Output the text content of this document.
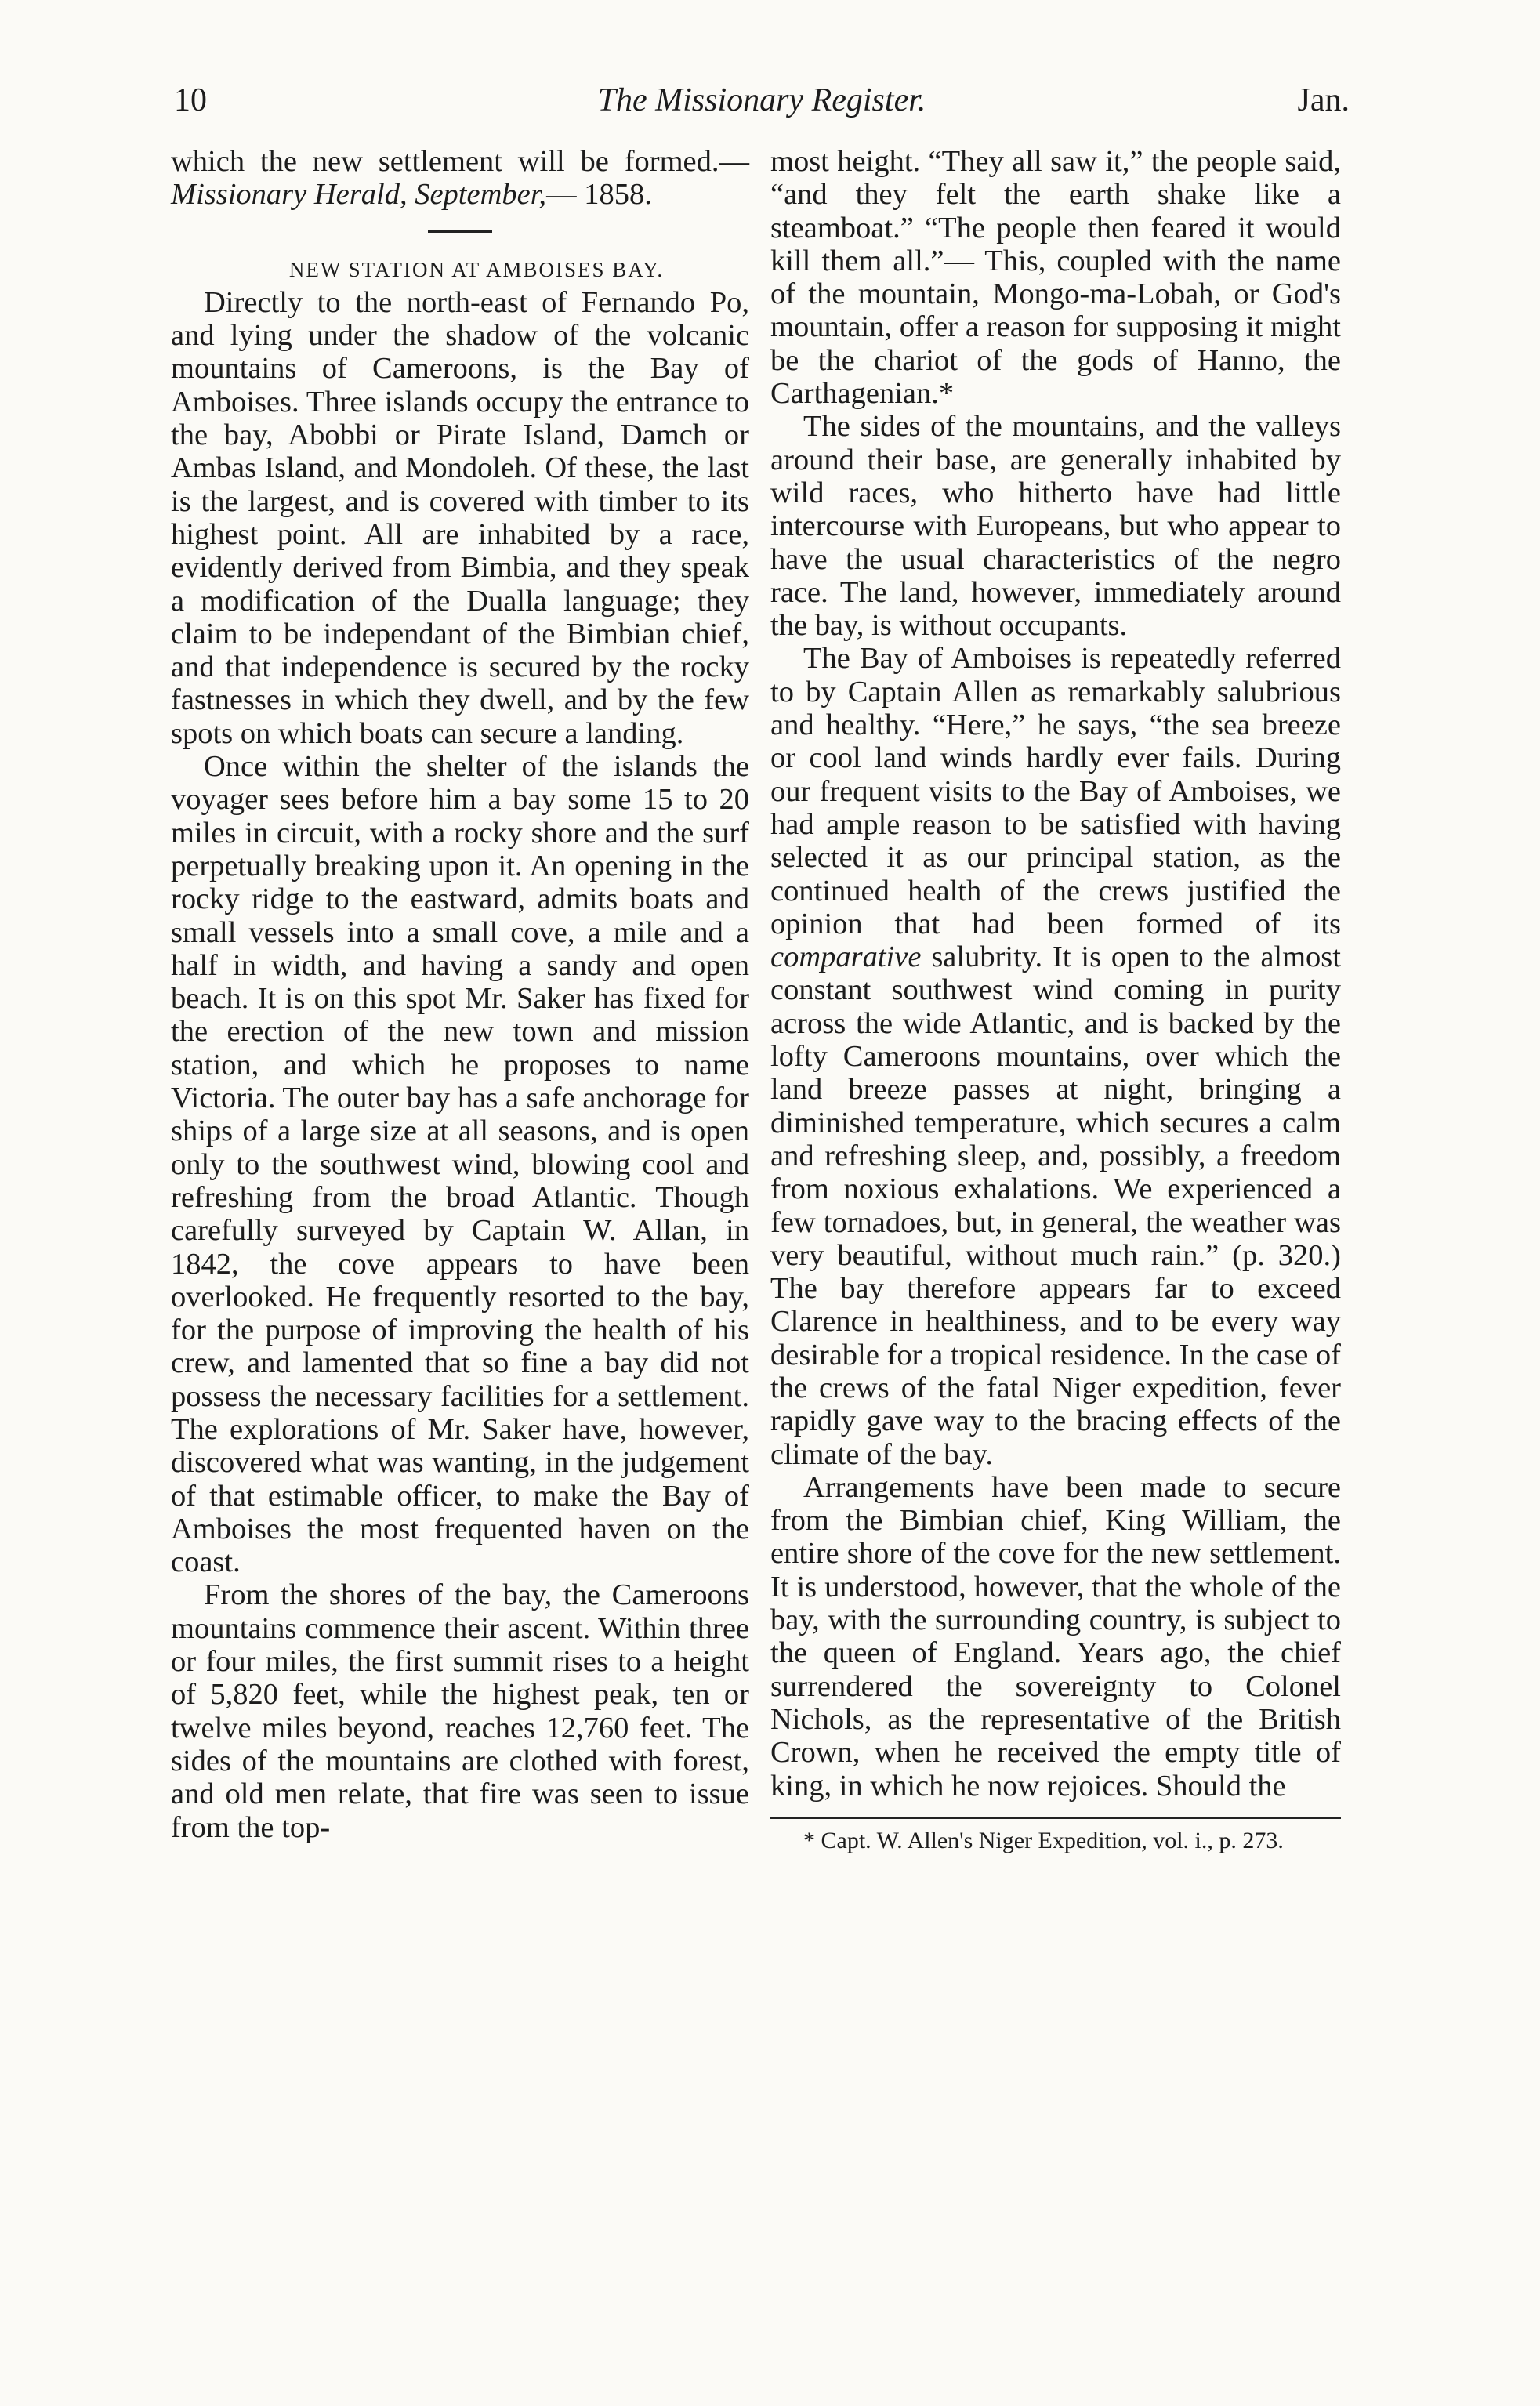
10	The Missionary Register.	Jan.

which the new settlement will be formed.—Missionary Herald, September,— 1858.

NEW STATION AT AMBOISES BAY.

Directly to the north-east of Fernando Po, and lying under the shadow of the volcanic mountains of Cameroons, is the Bay of Amboises. Three islands occupy the entrance to the bay, Abobbi or Pirate Island, Damch or Ambas Island, and Mondoleh. Of these, the last is the largest, and is covered with timber to its highest point. All are inhabited by a race, evidently derived from Bimbia, and they speak a modification of the Dualla language; they claim to be independant of the Bimbian chief, and that independence is secured by the rocky fastnesses in which they dwell, and by the few spots on which boats can secure a landing.

Once within the shelter of the islands the voyager sees before him a bay some 15 to 20 miles in circuit, with a rocky shore and the surf perpetually breaking upon it. An opening in the rocky ridge to the eastward, admits boats and small vessels into a small cove, a mile and a half in width, and having a sandy and open beach. It is on this spot Mr. Saker has fixed for the erection of the new town and mission station, and which he proposes to name Victoria. The outer bay has a safe anchorage for ships of a large size at all seasons, and is open only to the southwest wind, blowing cool and refreshing from the broad Atlantic. Though carefully surveyed by Captain W. Allan, in 1842, the cove appears to have been overlooked. He frequently resorted to the bay, for the purpose of improving the health of his crew, and lamented that so fine a bay did not possess the necessary facilities for a settlement. The explorations of Mr. Saker have, however, discovered what was wanting, in the judgement of that estimable officer, to make the Bay of Amboises the most frequented haven on the coast.

From the shores of the bay, the Cameroons mountains commence their ascent. Within three or four miles, the first summit rises to a height of 5,820 feet, while the highest peak, ten or twelve miles beyond, reaches 12,760 feet. The sides of the mountains are clothed with forest, and old men relate, that fire was seen to issue from the top-

most height. “They all saw it,” the people said, “and they felt the earth shake like a steamboat.” “The people then feared it would kill them all.”— This, coupled with the name of the mountain, Mongo-ma-Lobah, or God's mountain, offer a reason for supposing it might be the chariot of the gods of Hanno, the Carthagenian.*

The sides of the mountains, and the valleys around their base, are generally inhabited by wild races, who hitherto have had little intercourse with Europeans, but who appear to have the usual characteristics of the negro race. The land, however, immediately around the bay, is without occupants.

The Bay of Amboises is repeatedly referred to by Captain Allen as remarkably salubrious and healthy. “Here,” he says, “the sea breeze or cool land winds hardly ever fails. During our frequent visits to the Bay of Amboises, we had ample reason to be satisfied with having selected it as our principal station, as the continued health of the crews justified the opinion that had been formed of its comparative salubrity. It is open to the almost constant southwest wind coming in purity across the wide Atlantic, and is backed by the lofty Cameroons mountains, over which the land breeze passes at night, bringing a diminished temperature, which secures a calm and refreshing sleep, and, possibly, a freedom from noxious exhalations. We experienced a few tornadoes, but, in general, the weather was very beautiful, without much rain.” (p. 320.) The bay therefore appears far to exceed Clarence in healthiness, and to be every way desirable for a tropical residence. In the case of the crews of the fatal Niger expedition, fever rapidly gave way to the bracing effects of the climate of the bay.

Arrangements have been made to secure from the Bimbian chief, King William, the entire shore of the cove for the new settlement. It is understood, however, that the whole of the bay, with the surrounding country, is subject to the queen of England. Years ago, the chief surrendered the sovereignty to Colonel Nichols, as the representative of the British Crown, when he received the empty title of king, in which he now rejoices. Should the

* Capt. W. Allen's Niger Expedition, vol. i., p. 273.
